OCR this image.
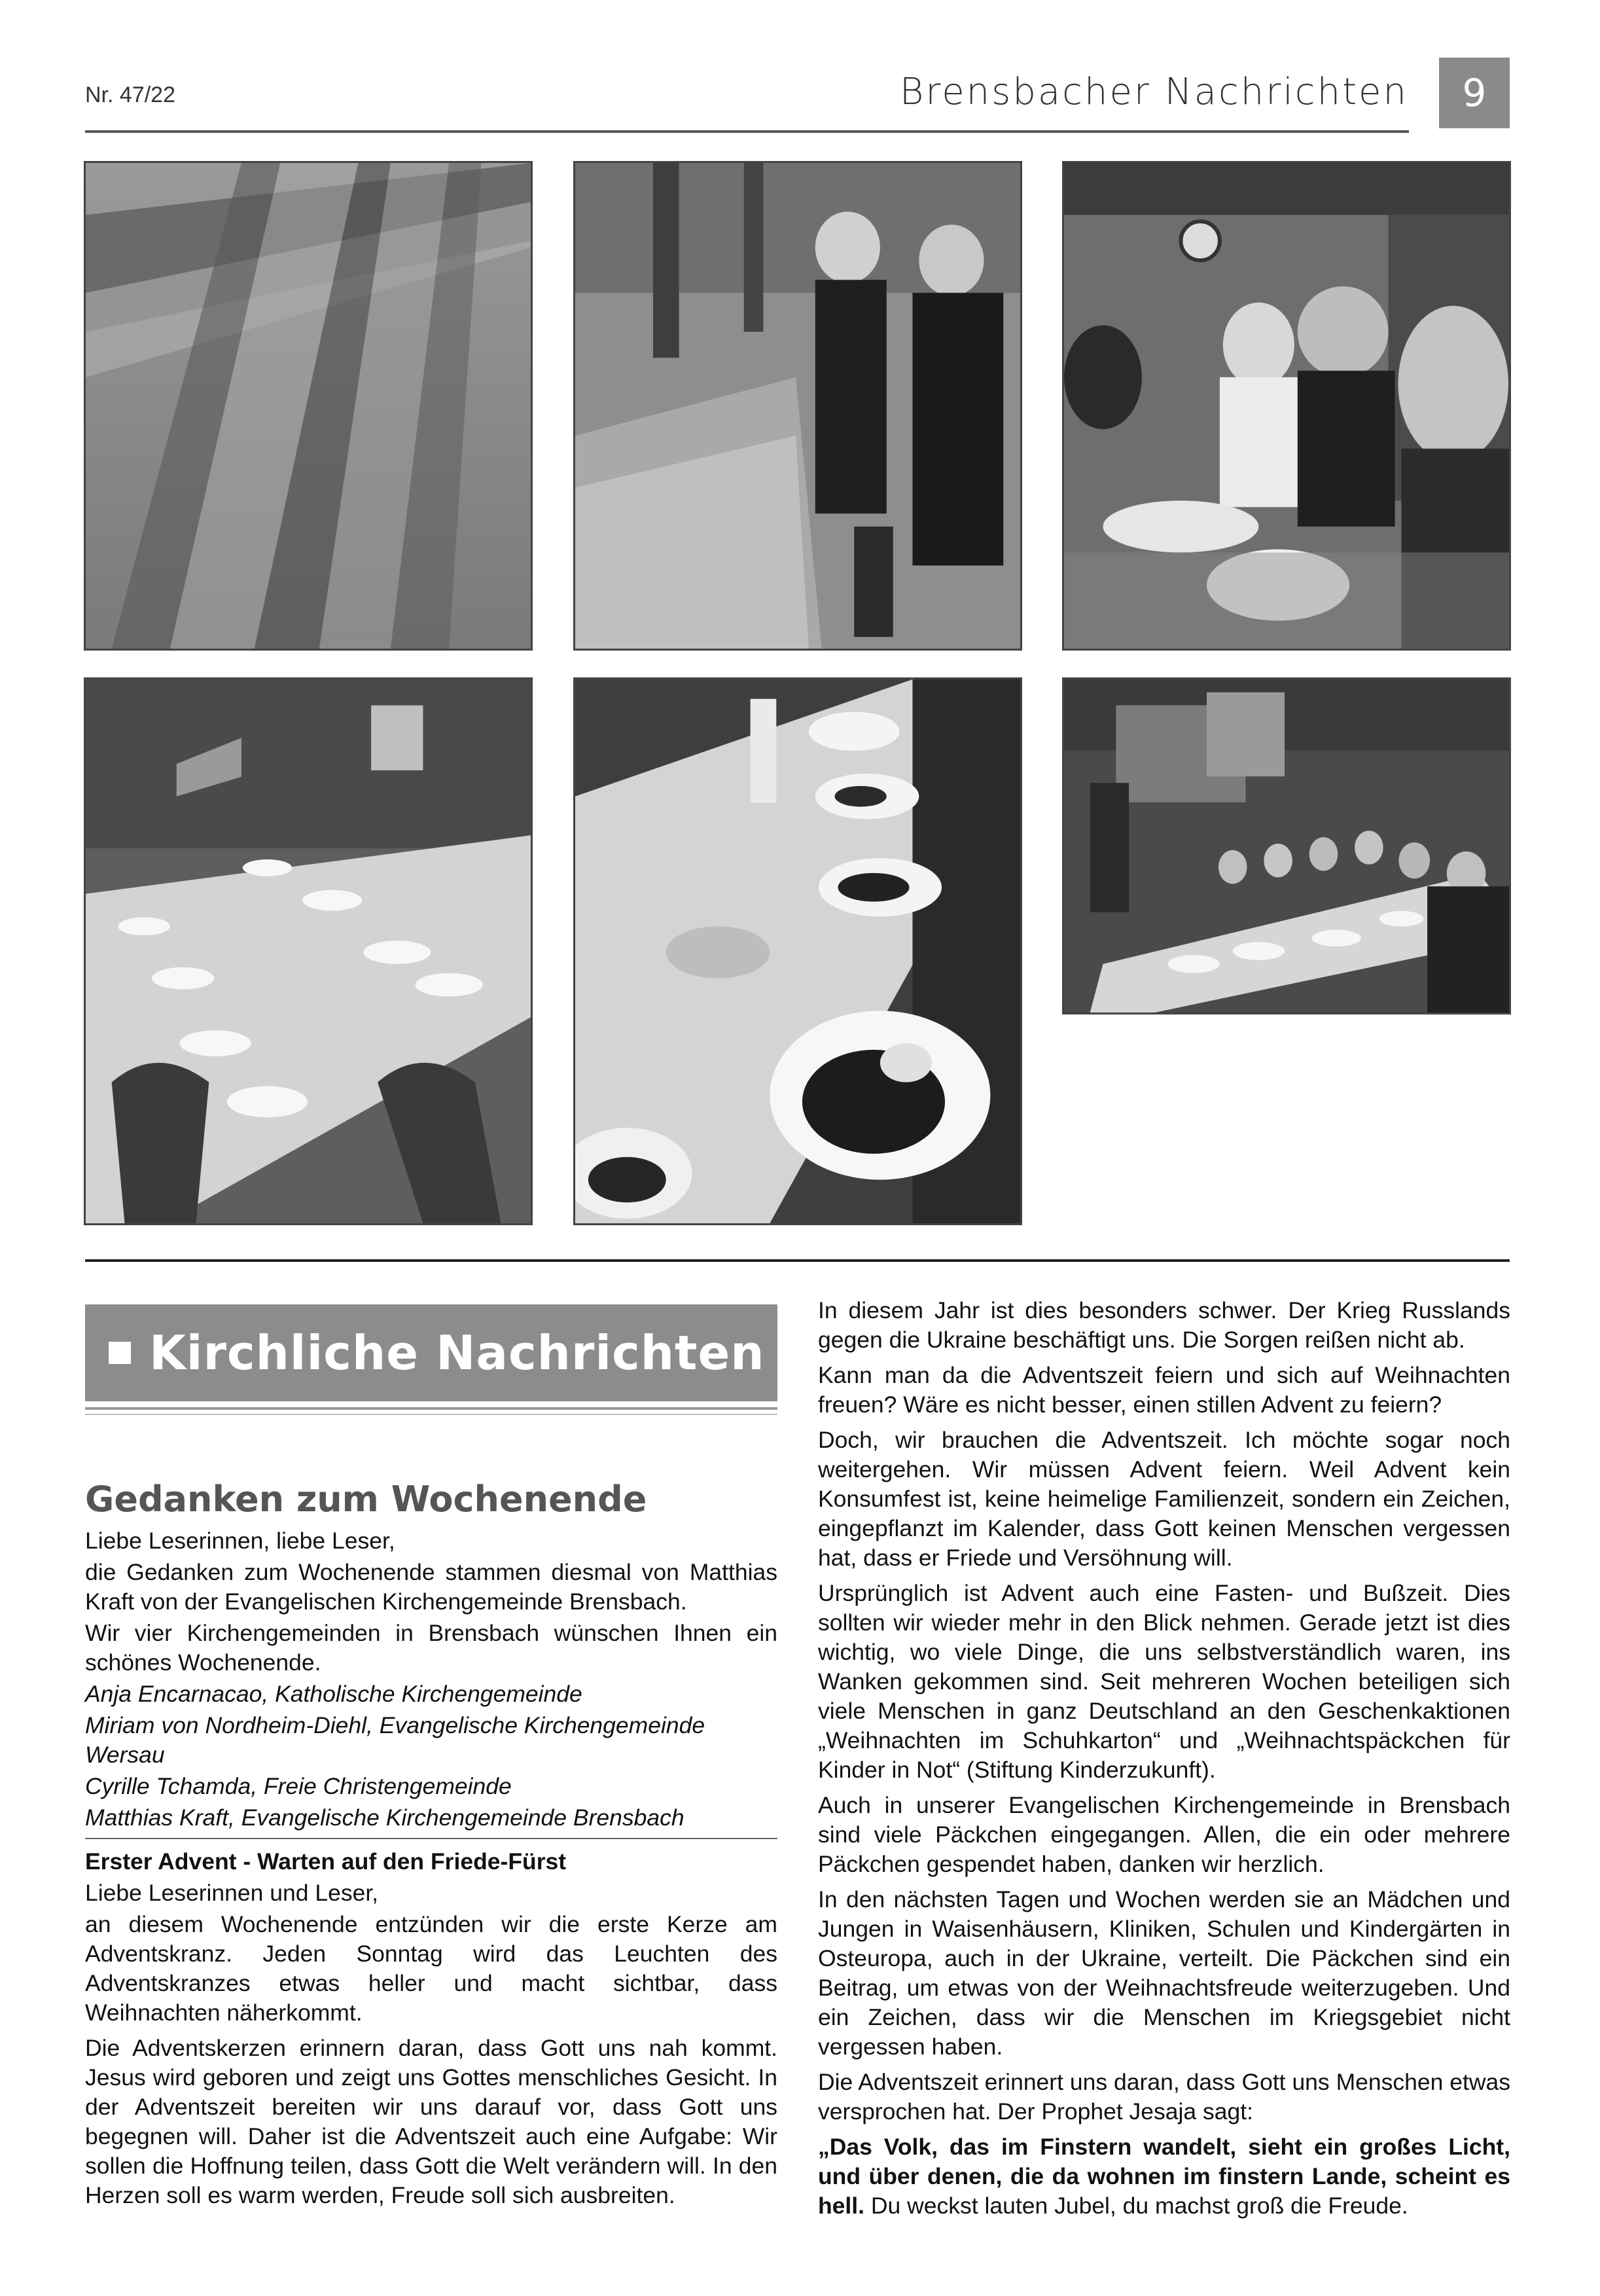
Nr. 47/22	Brensbacher Nachrichten	9
Kirchliche Nachrichten
Gedanken zum Wochenende

Liebe Leserinnen, liebe Leser,

die Gedanken zum Wochenende stammen diesmal von Matthias Kraft von der Evangelischen Kirchengemeinde Brensbach.

Wir vier Kirchengemeinden in Brensbach wünschen Ihnen ein schönes Wochenende.

Anja Encarnacao, Katholische Kirchengemeinde

Miriam von Nordheim-Diehl, Evangelische Kirchengemeinde Wersau

Cyrille Tchamda, Freie Christengemeinde

Matthias Kraft, Evangelische Kirchengemeinde Brensbach

Erster Advent - Warten auf den Friede-Fürst

Liebe Leserinnen und Leser,

an diesem Wochenende entzünden wir die erste Kerze am Adventskranz. Jeden Sonntag wird das Leuchten des Adventskranzes etwas heller und macht sichtbar, dass Weihnachten näherkommt.

Die Adventskerzen erinnern daran, dass Gott uns nah kommt. Jesus wird geboren und zeigt uns Gottes menschliches Gesicht. In der Adventszeit bereiten wir uns darauf vor, dass Gott uns begegnen will. Daher ist die Adventszeit auch eine Aufgabe: Wir sollen die Hoffnung teilen, dass Gott die Welt verändern will. In den Herzen soll es warm werden, Freude soll sich ausbreiten.

In diesem Jahr ist dies besonders schwer. Der Krieg Russlands gegen die Ukraine beschäftigt uns. Die Sorgen reißen nicht ab.

Kann man da die Adventszeit feiern und sich auf Weihnachten freuen? Wäre es nicht besser, einen stillen Advent zu feiern?

Doch, wir brauchen die Adventszeit. Ich möchte sogar noch weitergehen. Wir müssen Advent feiern. Weil Advent kein Konsumfest ist, keine heimelige Familienzeit, sondern ein Zeichen, eingepflanzt im Kalender, dass Gott keinen Menschen vergessen hat, dass er Friede und Versöhnung will.

Ursprünglich ist Advent auch eine Fasten- und Bußzeit. Dies sollten wir wieder mehr in den Blick nehmen. Gerade jetzt ist dies wichtig, wo viele Dinge, die uns selbstverständlich waren, ins Wanken gekommen sind. Seit mehreren Wochen beteiligen sich viele Menschen in ganz Deutschland an den Geschenkaktionen „Weihnachten im Schuhkarton“ und „Weihnachtspäckchen für Kinder in Not“ (Stiftung Kinderzukunft).

Auch in unserer Evangelischen Kirchengemeinde in Brensbach sind viele Päckchen eingegangen. Allen, die ein oder mehrere Päckchen gespendet haben, danken wir herzlich.

In den nächsten Tagen und Wochen werden sie an Mädchen und Jungen in Waisenhäusern, Kliniken, Schulen und Kindergärten in Osteuropa, auch in der Ukraine, verteilt. Die Päckchen sind ein Beitrag, um etwas von der Weihnachtsfreude weiterzugeben. Und ein Zeichen, dass wir die Menschen im Kriegsgebiet nicht vergessen haben.

Die Adventszeit erinnert uns daran, dass Gott uns Menschen etwas versprochen hat. Der Prophet Jesaja sagt:

„Das Volk, das im Finstern wandelt, sieht ein großes Licht, und über denen, die da wohnen im finstern Lande, scheint es hell. Du weckst lauten Jubel, du machst groß die Freude.
